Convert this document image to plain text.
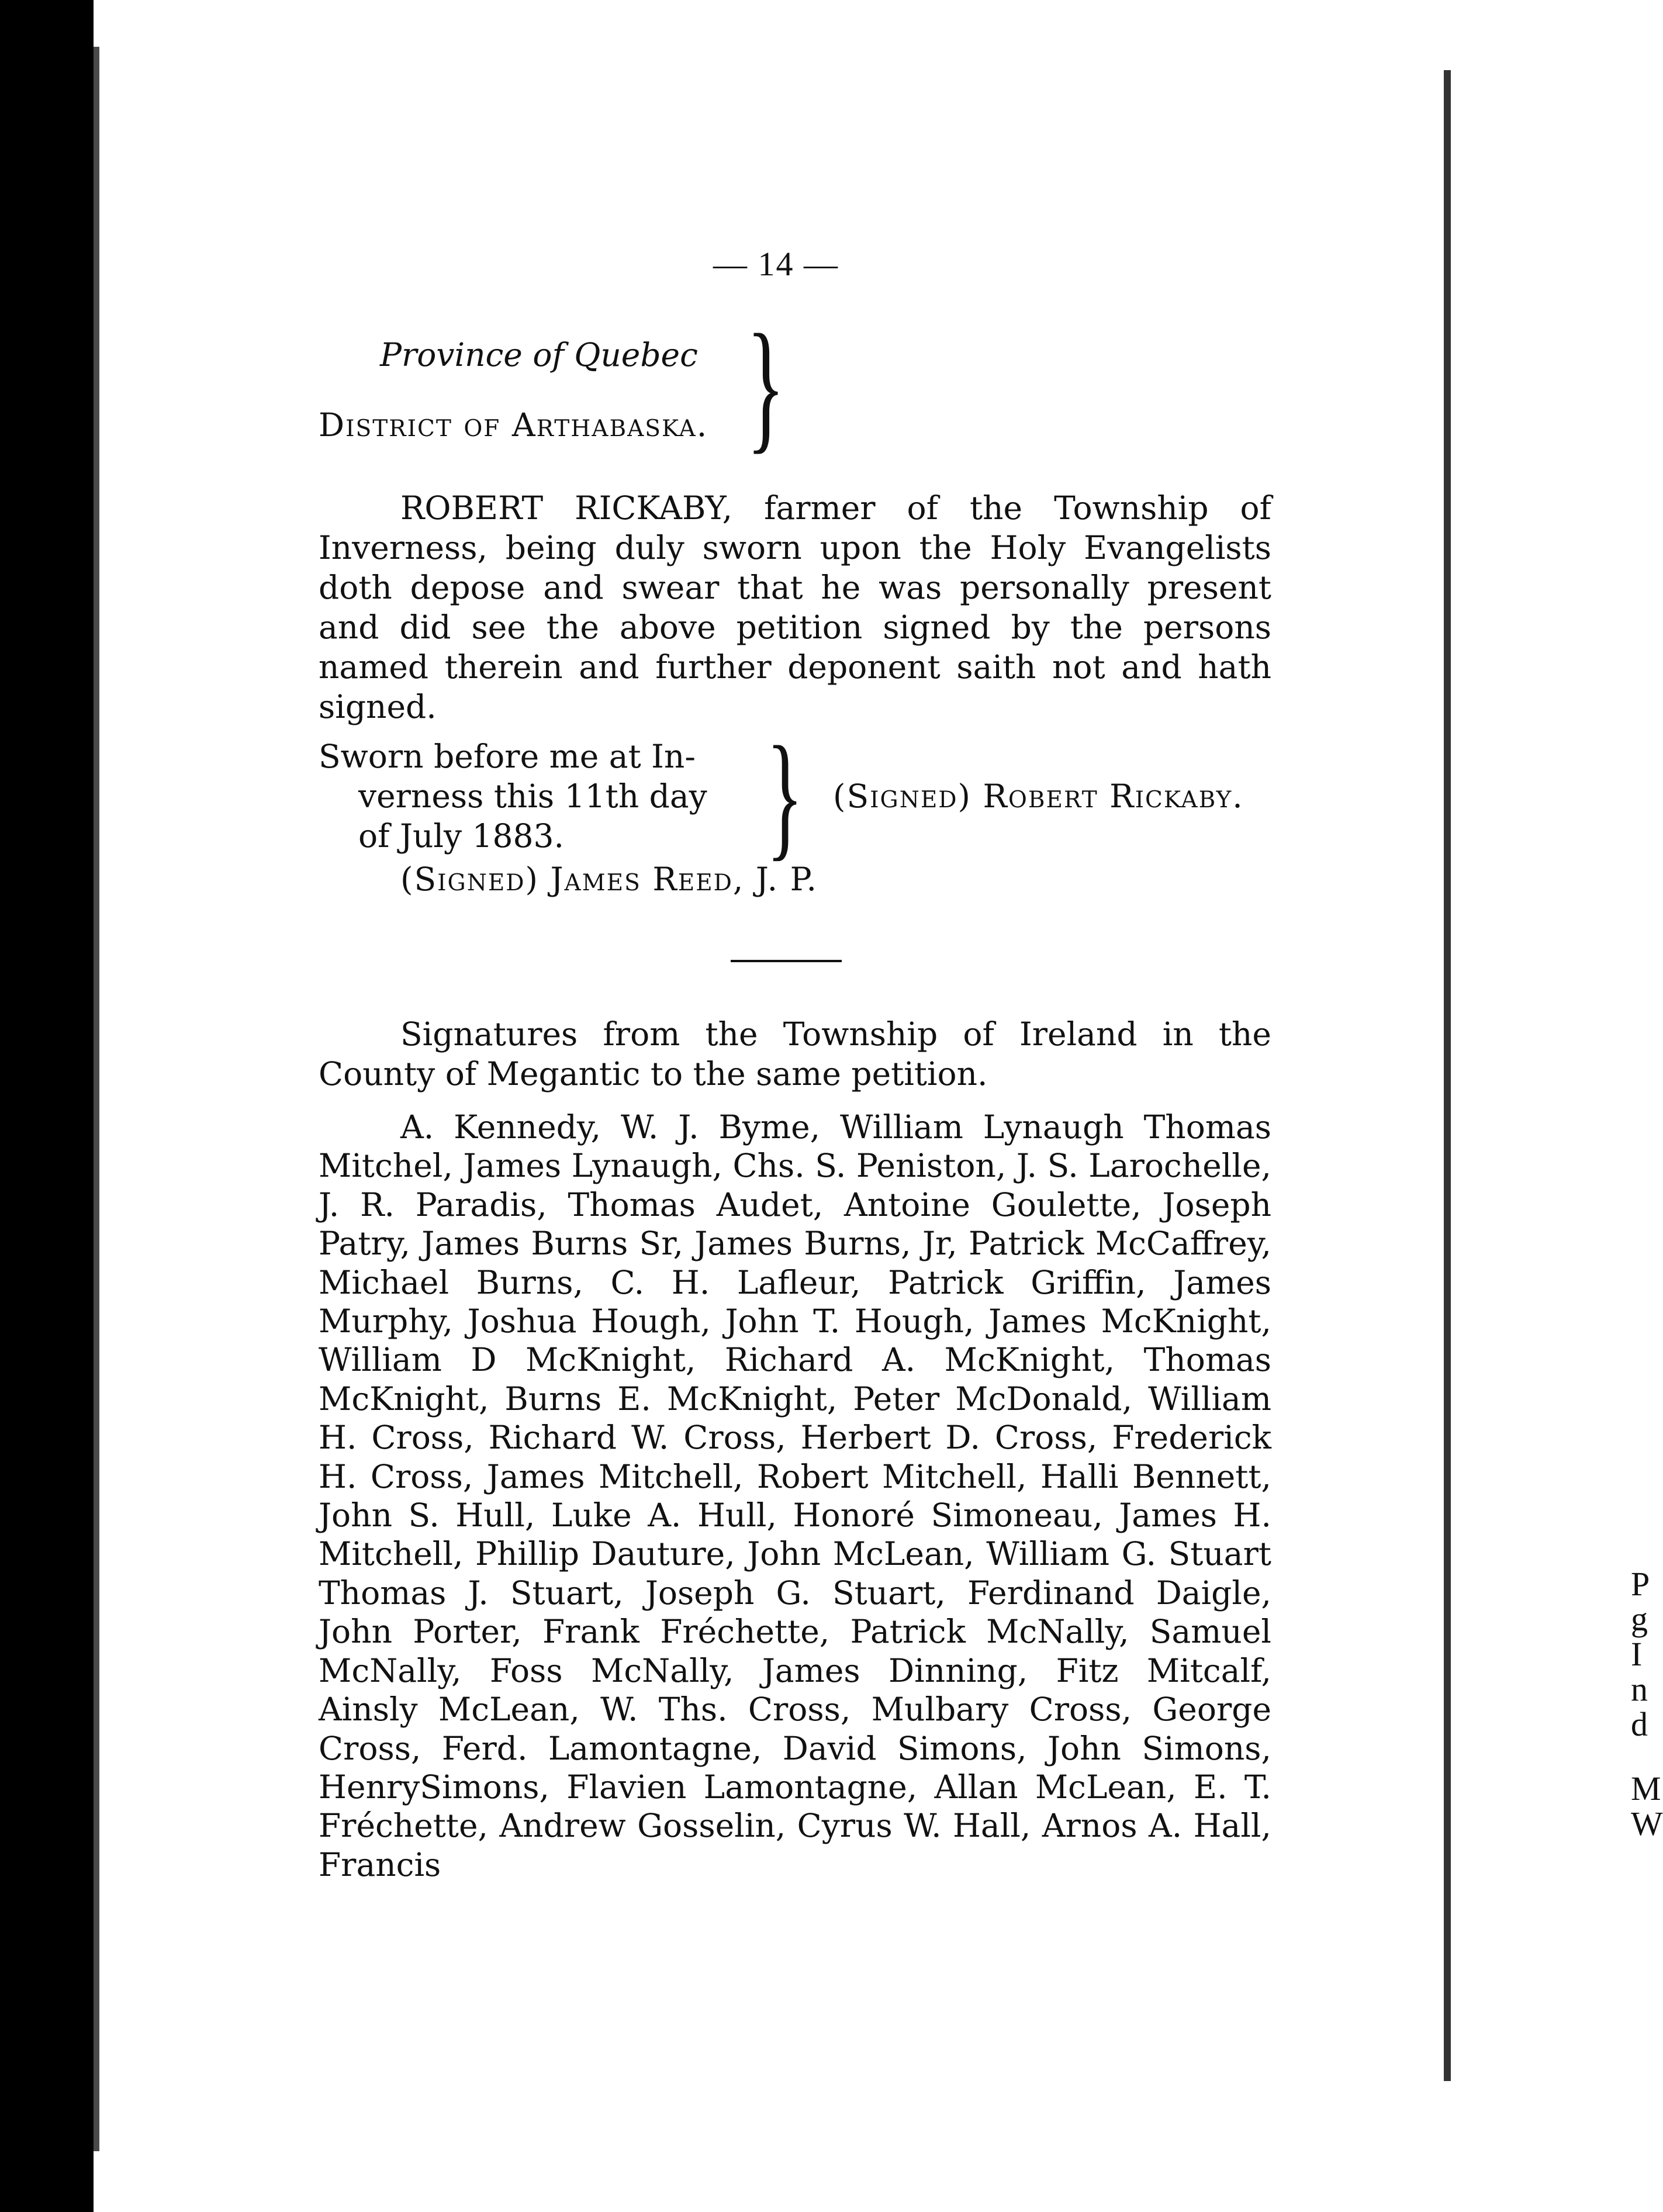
P
g
I
n
d
M
W
— 14 —
Province of Quebec
District of Arthabaska. }

ROBERT RICKABY, farmer of the Township of Inverness, being duly sworn upon the Holy Evangelists doth depose and swear that he was personally present and did see the above petition signed by the persons named therein and further deponent saith not and hath signed.

Sworn before me at In-
verness this 11th day
of July 1883.	} (Signed) Robert Rickaby.
(Signed) James Reed, J. P.

Signatures from the Township of Ireland in the County of Megantic to the same petition.

A. Kennedy, W. J. Byme, William Lynaugh Thomas Mitchel, James Lynaugh, Chs. S. Peniston, J. S. Larochelle, J. R. Paradis, Thomas Audet, Antoine Goulette, Joseph Patry, James Burns Sr, James Burns, Jr, Patrick McCaffrey, Michael Burns, C. H. Lafleur, Patrick Griffin, James Murphy, Joshua Hough, John T. Hough, James McKnight, William D McKnight, Richard A. McKnight, Thomas McKnight, Burns E. McKnight, Peter McDonald, William H. Cross, Richard W. Cross, Herbert D. Cross, Frederick H. Cross, James Mitchell, Robert Mitchell, Halli Bennett, John S. Hull, Luke A. Hull, Honoré Simoneau, James H. Mitchell, Phillip Dauture, John McLean, William G. Stuart Thomas J. Stuart, Joseph G. Stuart, Ferdinand Daigle, John Porter, Frank Fréchette, Patrick McNally, Samuel McNally, Foss McNally, James Dinning, Fitz Mitcalf, Ainsly McLean, W. Ths. Cross, Mulbary Cross, George Cross, Ferd. Lamontagne, David Simons, John Simons, HenrySimons, Flavien Lamontagne, Allan McLean, E. T. Fréchette, Andrew Gosselin, Cyrus W. Hall, Arnos A. Hall, Francis
